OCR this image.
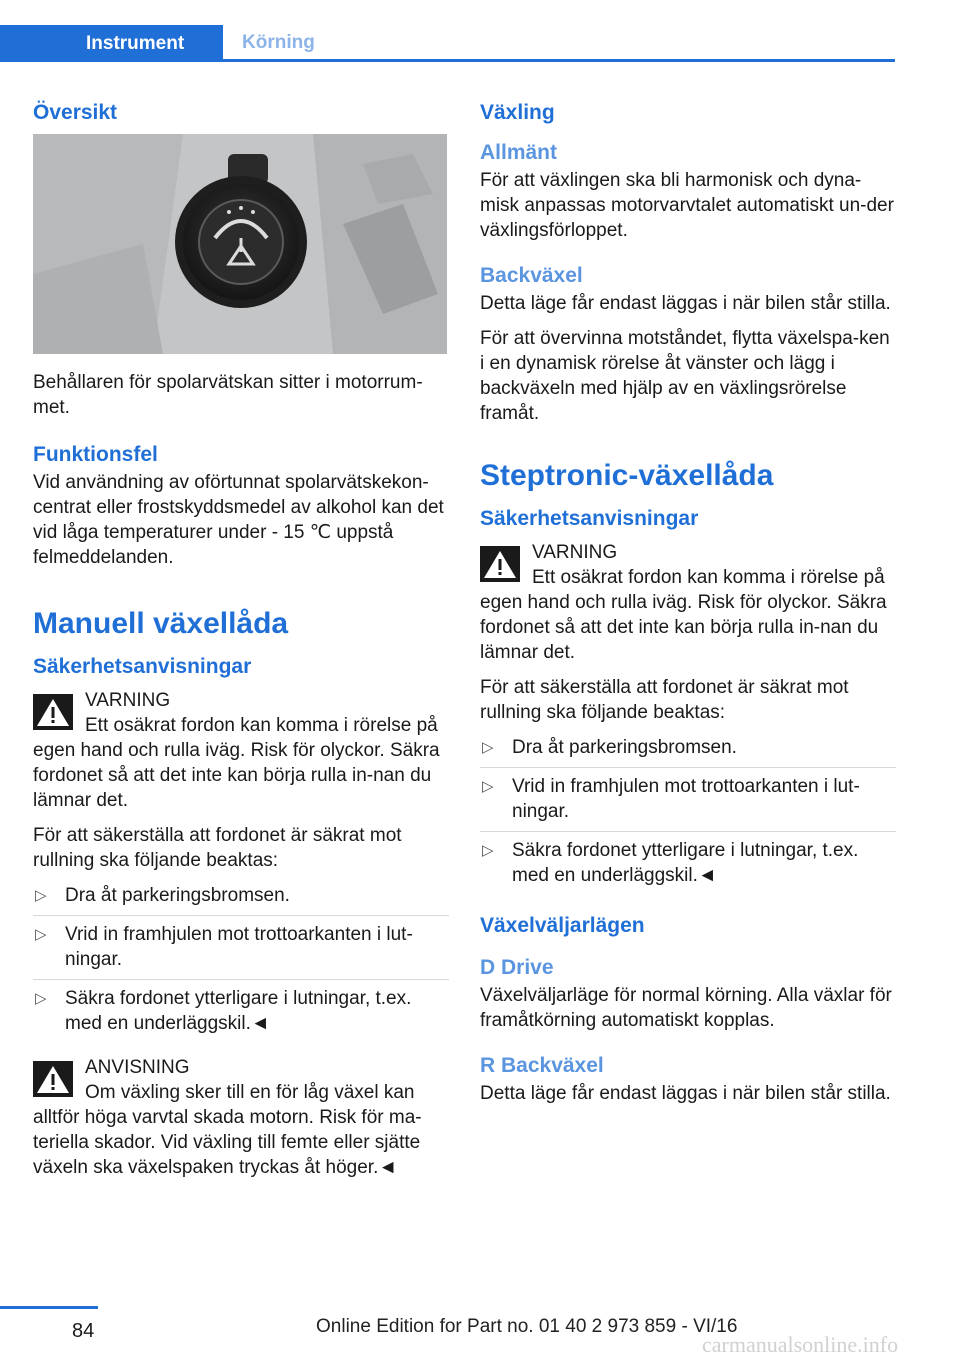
Instrument	Körning
Översikt

Behållaren för spolarvätskan sitter i motorrum-met.

Funktionsfel

Vid användning av oförtunnat spolarvätskekon-centrat eller frostskyddsmedel av alkohol kan det vid låga temperaturer under - 15 ℃ uppstå felmeddelanden.

Manuell växellåda
Säkerhetsanvisningar
VARNING

Ett osäkrat fordon kan komma i rörelse på egen hand och rulla iväg. Risk för olyckor. Säkra fordonet så att det inte kan börja rulla in-nan du lämnar det.

För att säkerställa att fordonet är säkrat mot rullning ska följande beaktas:

▷ Dra åt parkeringsbromsen.
▷ Vrid in framhjulen mot trottoarkanten i lut-ningar.
▷ Säkra fordonet ytterligare i lutningar, t.ex. med en underläggskil.◄
ANVISNING

Om växling sker till en för låg växel kan alltför höga varvtal skada motorn. Risk för ma-teriella skador. Vid växling till femte eller sjätte växeln ska växelspaken tryckas åt höger.◄

Växling
Allmänt

För att växlingen ska bli harmonisk och dyna-misk anpassas motorvarvtalet automatiskt un-der växlingsförloppet.

Backväxel

Detta läge får endast läggas i när bilen står stilla.

För att övervinna motståndet, flytta växelspa-ken i en dynamisk rörelse åt vänster och lägg i backväxeln med hjälp av en växlingsrörelse framåt.

Steptronic-växellåda
Säkerhetsanvisningar
VARNING

Ett osäkrat fordon kan komma i rörelse på egen hand och rulla iväg. Risk för olyckor. Säkra fordonet så att det inte kan börja rulla in-nan du lämnar det.

För att säkerställa att fordonet är säkrat mot rullning ska följande beaktas:

▷ Dra åt parkeringsbromsen.
▷ Vrid in framhjulen mot trottoarkanten i lut-ningar.
▷ Säkra fordonet ytterligare i lutningar, t.ex. med en underläggskil.◄
Växelväljarlägen
D Drive

Växelväljarläge för normal körning. Alla växlar för framåtkörning automatiskt kopplas.

R Backväxel

Detta läge får endast läggas i när bilen står stilla.

84	Online Edition for Part no. 01 40 2 973 859 - VI/16
carmanualsonline.info
